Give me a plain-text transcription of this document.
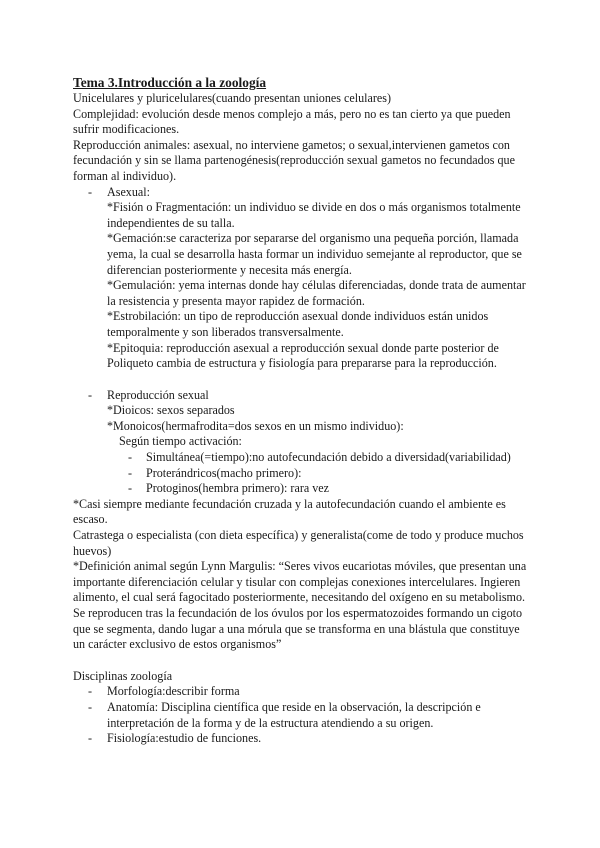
Tema 3.Introducción a la zoología

Unicelulares y pluricelulares(cuando presentan uniones celulares)

Complejidad: evolución desde menos complejo a más, pero no es tan cierto ya que pueden sufrir modificaciones.

Reproducción animales: asexual, no interviene gametos; o sexual,intervienen gametos con fecundación y sin se llama partenogénesis(reproducción sexual gametos no fecundados que forman al individuo).

- Asexual:

*Fisión o Fragmentación: un individuo se divide en dos o más organismos totalmente independientes de su talla.

*Gemación:se caracteriza por separarse del organismo una pequeña porción, llamada yema, la cual se desarrolla hasta formar un individuo semejante al reproductor, que se diferencian posteriormente y necesita más energía.

*Gemulación: yema internas donde hay células diferenciadas, donde trata de aumentar la resistencia y presenta mayor rapidez de formación.

*Estrobilación: un tipo de reproducción asexual donde individuos están unidos temporalmente y son liberados transversalmente.

*Epitoquia: reproducción asexual a reproducción sexual donde parte posterior de Poliqueto cambia de estructura y fisiología para prepararse para la reproducción.

- Reproducción sexual

*Dioicos: sexos separados

*Monoicos(hermafrodita=dos sexos en un mismo individuo):

Según tiempo activación:

- Simultánea(=tiempo):no autofecundación debido a diversidad(variabilidad)

- Proterándricos(macho primero):

- Protoginos(hembra primero): rara vez

*Casi siempre mediante fecundación cruzada y la autofecundación cuando el ambiente es escaso.

Catrastega o especialista (con dieta específica) y generalista(come de todo y produce muchos huevos)

*Definición animal según Lynn Margulis: “Seres vivos eucariotas móviles, que presentan una importante diferenciación celular y tisular con complejas conexiones intercelulares. Ingieren alimento, el cual será fagocitado posteriormente, necesitando del oxígeno en su metabolismo. Se reproducen tras la fecundación de los óvulos por los espermatozoides formando un cigoto que se segmenta, dando lugar a una mórula que se transforma en una blástula que constituye un carácter exclusivo de estos organismos”

Disciplinas zoología

- Morfología:describir forma

- Anatomía: Disciplina científica que reside en la observación, la descripción e interpretación de la forma y de la estructura atendiendo a su origen.

- Fisiología:estudio de funciones.
